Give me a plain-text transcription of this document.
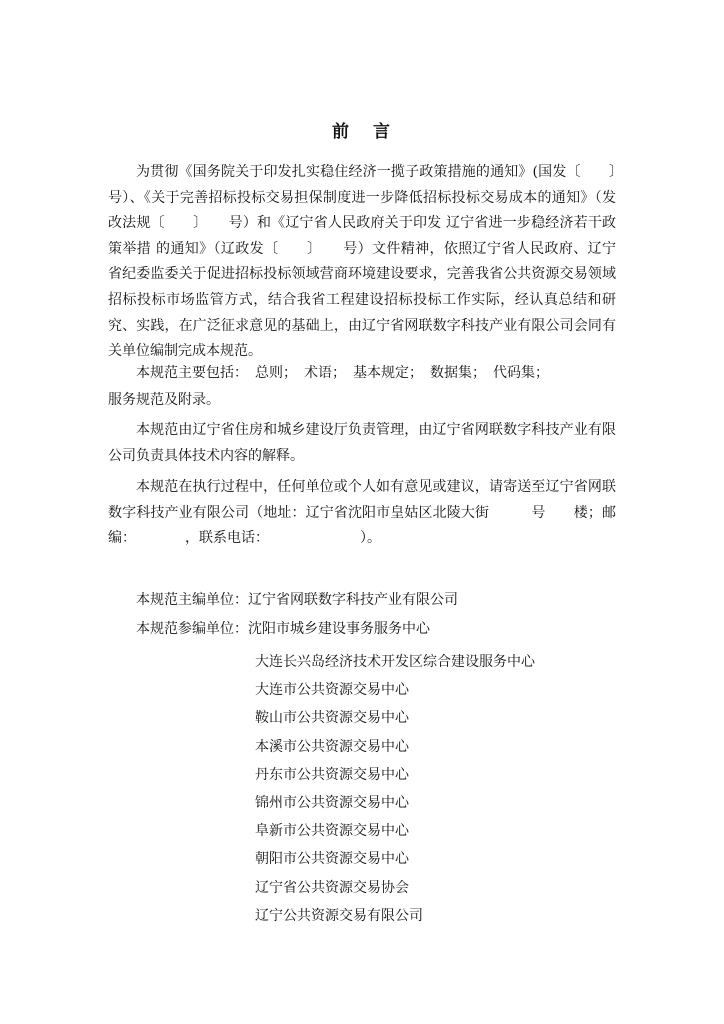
前 言

为贯彻《国务院关于印发扎实稳住经济一揽子政策措施的通知》(国发〔　　〕　　号）、《关于完善招标投标交易担保制度进一步降低招标投标交易成本的通知》（发改法规〔　　〕　　号）和《辽宁省人民政府关于印发 辽宁省进一步稳经济若干政策举措 的通知》（辽政发〔　　〕　　号）文件精神，依照辽宁省人民政府、辽宁省纪委监委关于促进招标投标领域营商环境建设要求，完善我省公共资源交易领域招标投标市场监管方式，结合我省工程建设招标投标工作实际，经认真总结和研究、实践，在广泛征求意见的基础上，由辽宁省网联数字科技产业有限公司会同有关单位编制完成本规范。

本规范主要包括：　总则；　术语；　基本规定；　数据集；　代码集；
服务规范及附录。

本规范由辽宁省住房和城乡建设厅负责管理，由辽宁省网联数字科技产业有限公司负责具体技术内容的解释。

本规范在执行过程中，任何单位或个人如有意见或建议，请寄送至辽宁省网联数字科技产业有限公司（地址：辽宁省沈阳市皇姑区北陵大街　　　号　　楼；邮编：　　　　，联系电话：　　　　　　　）。

本规范主编单位：辽宁省网联数字科技产业有限公司
本规范参编单位：沈阳市城乡建设事务服务中心
大连长兴岛经济技术开发区综合建设服务中心
大连市公共资源交易中心
鞍山市公共资源交易中心
本溪市公共资源交易中心
丹东市公共资源交易中心
锦州市公共资源交易中心
阜新市公共资源交易中心
朝阳市公共资源交易中心
辽宁省公共资源交易协会
辽宁公共资源交易有限公司
